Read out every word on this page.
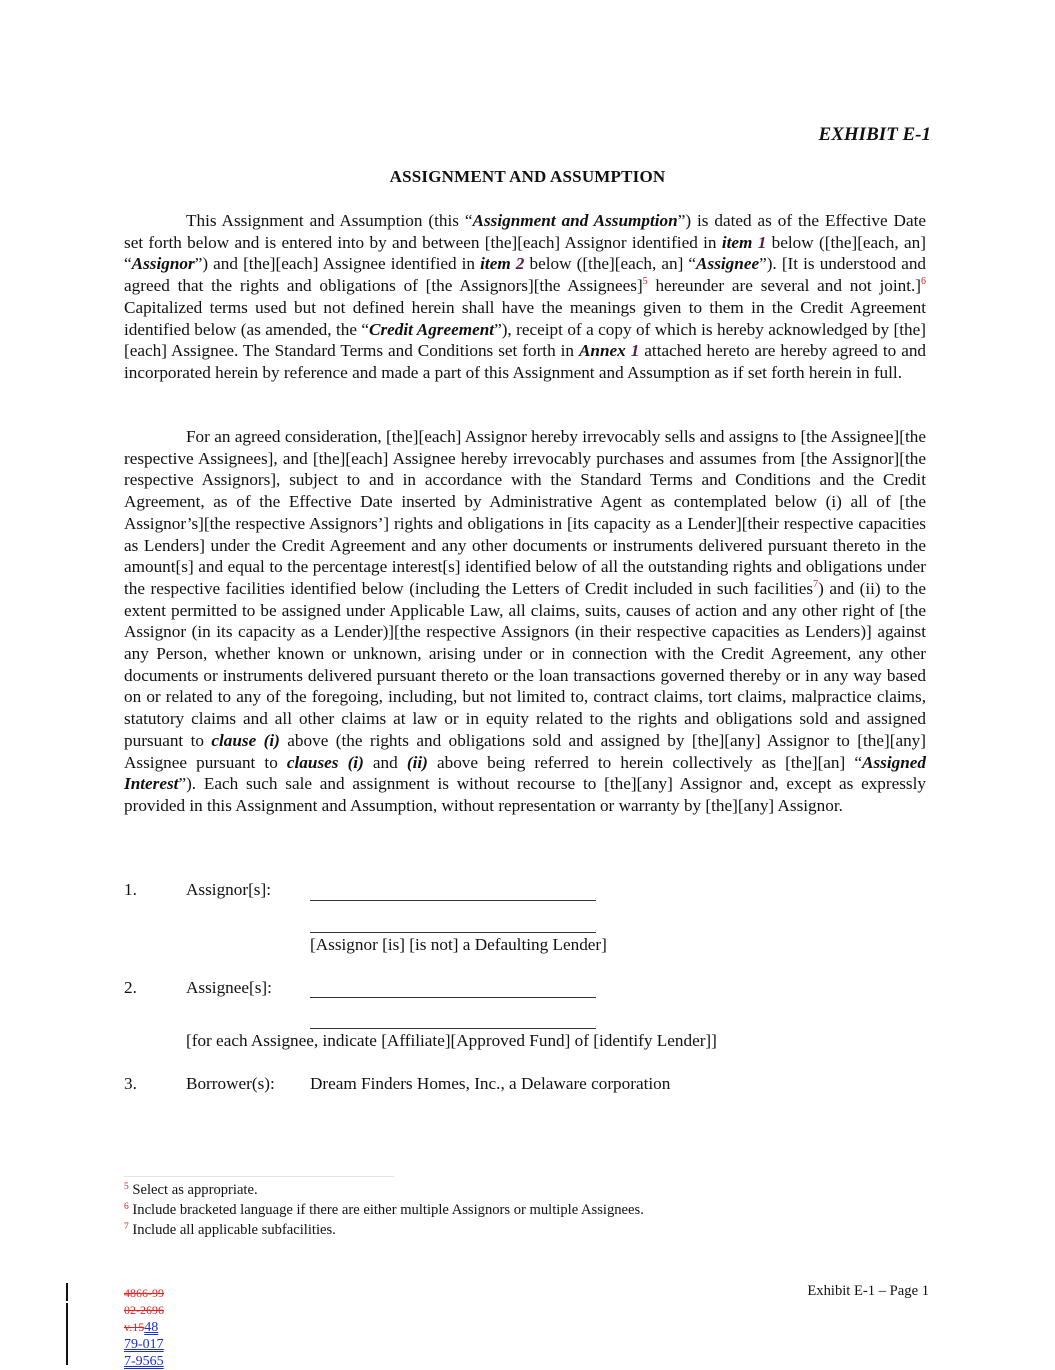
EXHIBIT E-1
ASSIGNMENT AND ASSUMPTION

This Assignment and Assumption (this “Assignment and Assumption”) is dated as of the Effective Date set forth below and is entered into by and between [the][each] Assignor identified in item 1 below ([the][each, an] “Assignor”) and [the][each] Assignee identified in item 2 below ([the][each, an] “Assignee”). [It is understood and agreed that the rights and obligations of [the Assignors][the Assignees]$^5$ hereunder are several and not joint.]$^6$ Capitalized terms used but not defined herein shall have the meanings given to them in the Credit Agreement identified below (as amended, the “Credit Agreement”), receipt of a copy of which is hereby acknowledged by [the][each] Assignee. The Standard Terms and Conditions set forth in Annex 1 attached hereto are hereby agreed to and incorporated herein by reference and made a part of this Assignment and Assumption as if set forth herein in full.

For an agreed consideration, [the][each] Assignor hereby irrevocably sells and assigns to [the Assignee][the respective Assignees], and [the][each] Assignee hereby irrevocably purchases and assumes from [the Assignor][the respective Assignors], subject to and in accordance with the Standard Terms and Conditions and the Credit Agreement, as of the Effective Date inserted by Administrative Agent as contemplated below (i) all of [the Assignor’s][the respective Assignors’] rights and obligations in [its capacity as a Lender][their respective capacities as Lenders] under the Credit Agreement and any other documents or instruments delivered pursuant thereto in the amount[s] and equal to the percentage interest[s] identified below of all the outstanding rights and obligations under the respective facilities identified below (including the Letters of Credit included in such facilities$^7$) and (ii) to the extent permitted to be assigned under Applicable Law, all claims, suits, causes of action and any other right of [the Assignor (in its capacity as a Lender)][the respective Assignors (in their respective capacities as Lenders)] against any Person, whether known or unknown, arising under or in connection with the Credit Agreement, any other documents or instruments delivered pursuant thereto or the loan transactions governed thereby or in any way based on or related to any of the foregoing, including, but not limited to, contract claims, tort claims, malpractice claims, statutory claims and all other claims at law or in equity related to the rights and obligations sold and assigned pursuant to clause (i) above (the rights and obligations sold and assigned by [the][any] Assignor to [the][any] Assignee pursuant to clauses (i) and (ii) above being referred to herein collectively as [the][an] “Assigned Interest”). Each such sale and assignment is without recourse to [the][any] Assignor and, except as expressly provided in this Assignment and Assumption, without representation or warranty by [the][any] Assignor.

1.	Assignor[s]:
[Assignor [is] [is not] a Defaulting Lender]
2.	Assignee[s]:
[for each Assignee, indicate [Affiliate][Approved Fund] of [identify Lender]]
3.	Borrower(s): Dream Finders Homes, Inc., a Delaware corporation
$^5$ Select as appropriate.
$^6$ Include bracketed language if there are either multiple Assignors or multiple Assignees.
$^7$ Include all applicable subfacilities.
Exhibit E-1 – Page 1
4866-99
02-2696
v.1548
79-017
7-9565
